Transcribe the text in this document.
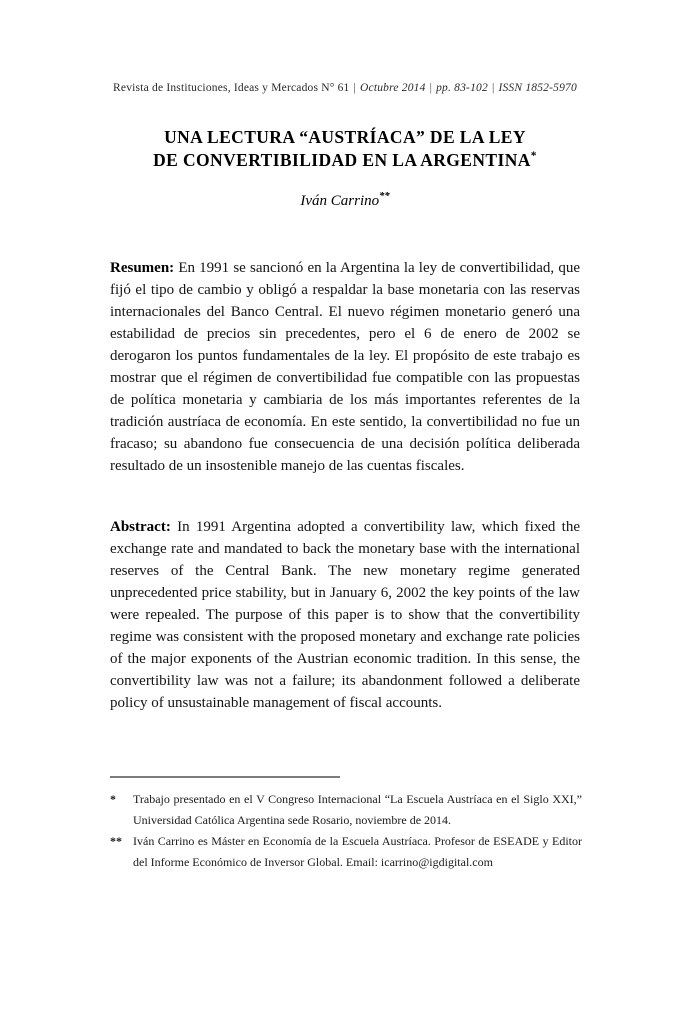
Revista de Instituciones, Ideas y Mercados N° 61 | Octubre 2014 | pp. 83-102 | ISSN 1852-5970
UNA LECTURA “AUSTRÍACA” DE LA LEY
DE CONVERTIBILIDAD EN LA ARGENTINA*
Iván Carrino**

Resumen: En 1991 se sancionó en la Argentina la ley de convertibilidad, que fijó el tipo de cambio y obligó a respaldar la base monetaria con las reservas internacionales del Banco Central. El nuevo régimen monetario generó una estabilidad de precios sin precedentes, pero el 6 de enero de 2002 se derogaron los puntos fundamentales de la ley. El propósito de este trabajo es mostrar que el régimen de convertibilidad fue compatible con las propuestas de política monetaria y cambiaria de los más importantes referentes de la tradición austríaca de economía. En este sentido, la convertibilidad no fue un fracaso; su abandono fue consecuencia de una decisión política deliberada resultado de un insostenible manejo de las cuentas fiscales.

Abstract: In 1991 Argentina adopted a convertibility law, which fixed the exchange rate and mandated to back the monetary base with the international reserves of the Central Bank. The new monetary regime generated unprecedented price stability, but in January 6, 2002 the key points of the law were repealed. The purpose of this paper is to show that the convertibility regime was consistent with the proposed monetary and exchange rate policies of the major exponents of the Austrian economic tradition. In this sense, the convertibility law was not a failure; its abandonment followed a deliberate policy of unsustainable management of fiscal accounts.

*	Trabajo presentado en el V Congreso Internacional “La Escuela Austríaca en el Siglo XXI,” Universidad Católica Argentina sede Rosario, noviembre de 2014.
** Iván Carrino es Máster en Economía de la Escuela Austríaca. Profesor de ESEADE y Editor del Informe Económico de Inversor Global. Email: icarrino@igdigital.com
